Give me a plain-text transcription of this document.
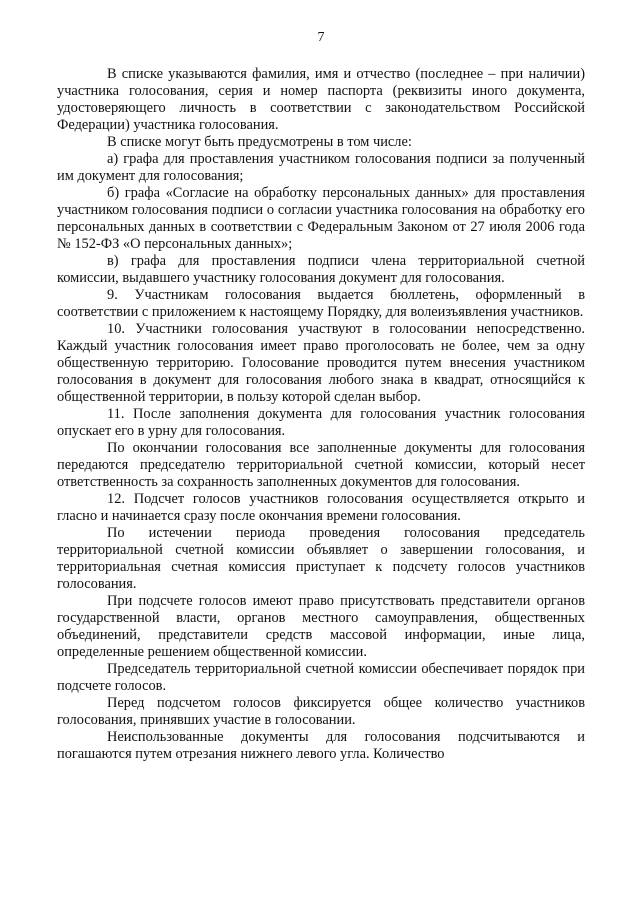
7

В списке указываются фамилия, имя и отчество (последнее – при наличии) участника голосования, серия и номер паспорта (реквизиты иного документа, удостоверяющего личность в соответствии с законодательством Российской Федерации) участника голосования.

В списке могут быть предусмотрены в том числе:

а) графа для проставления участником голосования подписи за полученный им документ для голосования;

б) графа «Согласие на обработку персональных данных» для проставления участником голосования подписи о согласии участника голосования на обработку его персональных данных в соответствии с Федеральным Законом от 27 июля 2006 года № 152-ФЗ «О персональных данных»;

в) графа для проставления подписи члена территориальной счетной комиссии, выдавшего участнику голосования документ для голосования.

9. Участникам голосования выдается бюллетень, оформленный в соответствии с приложением к настоящему Порядку, для волеизъявления участников.

10. Участники голосования участвуют в голосовании непосредственно. Каждый участник голосования имеет право проголосовать не более, чем за одну общественную территорию. Голосование проводится путем внесения участником голосования в документ для голосования любого знака в квадрат, относящийся к общественной территории, в пользу которой сделан выбор.

11. После заполнения документа для голосования участник голосования опускает его в урну для голосования.

По окончании голосования все заполненные документы для голосования передаются председателю территориальной счетной комиссии, который несет ответственность за сохранность заполненных документов для голосования.

12. Подсчет голосов участников голосования осуществляется открыто и гласно и начинается сразу после окончания времени голосования.

По истечении периода проведения голосования председатель территориальной счетной комиссии объявляет о завершении голосования, и территориальная счетная комиссия приступает к подсчету голосов участников голосования.

При подсчете голосов имеют право присутствовать представители органов государственной власти, органов местного самоуправления, общественных объединений, представители средств массовой информации, иные лица, определенные решением общественной комиссии.

Председатель территориальной счетной комиссии обеспечивает порядок при подсчете голосов.

Перед подсчетом голосов фиксируется общее количество участников голосования, принявших участие в голосовании.

Неиспользованные документы для голосования подсчитываются и погашаются путем отрезания нижнего левого угла. Количество
